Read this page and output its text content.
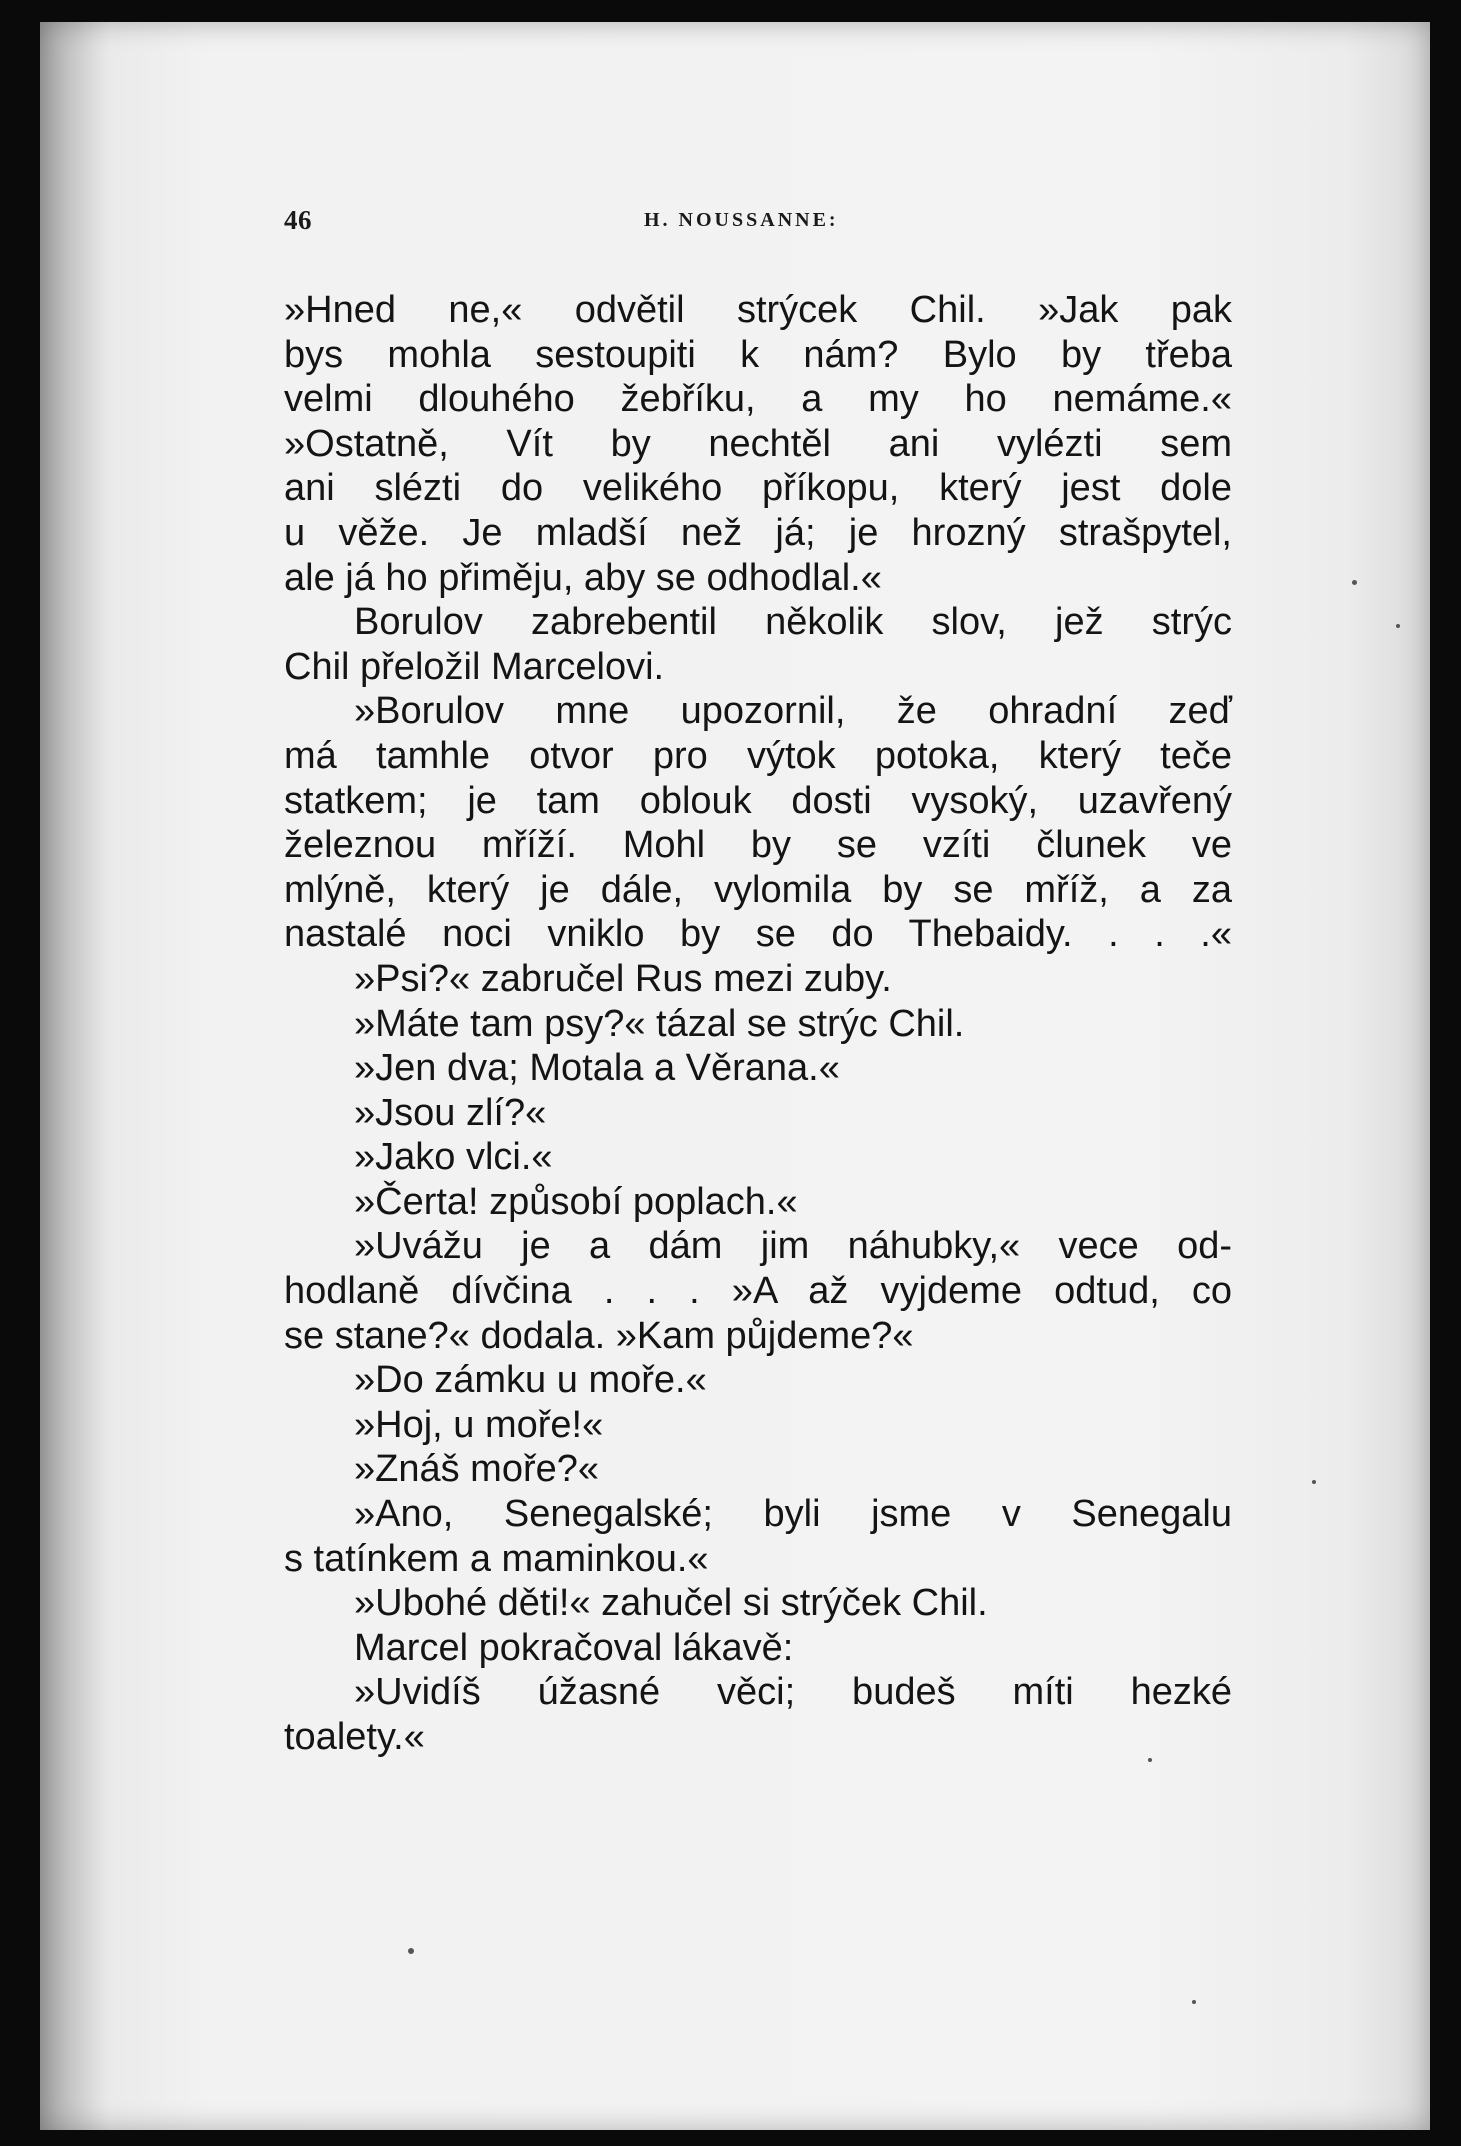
46	H. NOUSSANNE:
»Hned ne,« odvětil strýcek Chil. »Jak pak
bys mohla sestoupiti k nám? Bylo by třeba
velmi dlouhého žebříku, a my ho nemáme.«
»Ostatně, Vít by nechtěl ani vylézti sem
ani slézti do velikého příkopu, který jest dole
u věže. Je mladší než já; je hrozný strašpytel,
ale já ho přiměju, aby se odhodlal.«
Borulov zabrebentil několik slov, jež strýc
Chil přeložil Marcelovi.
»Borulov mne upozornil, že ohradní zeď
má tamhle otvor pro výtok potoka, který teče
statkem; je tam oblouk dosti vysoký, uzavřený
železnou mříží. Mohl by se vzíti člunek ve
mlýně, který je dále, vylomila by se mříž, a za
nastalé noci vniklo by se do Thebaidy. . . .«
»Psi?« zabručel Rus mezi zuby.
»Máte tam psy?« tázal se strýc Chil.
»Jen dva; Motala a Věrana.«
»Jsou zlí?«
»Jako vlci.«
»Čerta! způsobí poplach.«
»Uvážu je a dám jim náhubky,« vece od-
hodlaně dívčina . . . »A až vyjdeme odtud, co
se stane?« dodala. »Kam půjdeme?«
»Do zámku u moře.«
»Hoj, u moře!«
»Znáš moře?«
»Ano, Senegalské; byli jsme v Senegalu
s tatínkem a maminkou.«
»Ubohé děti!« zahučel si strýček Chil.
Marcel pokračoval lákavě:
»Uvidíš úžasné věci; budeš míti hezké
toalety.«
